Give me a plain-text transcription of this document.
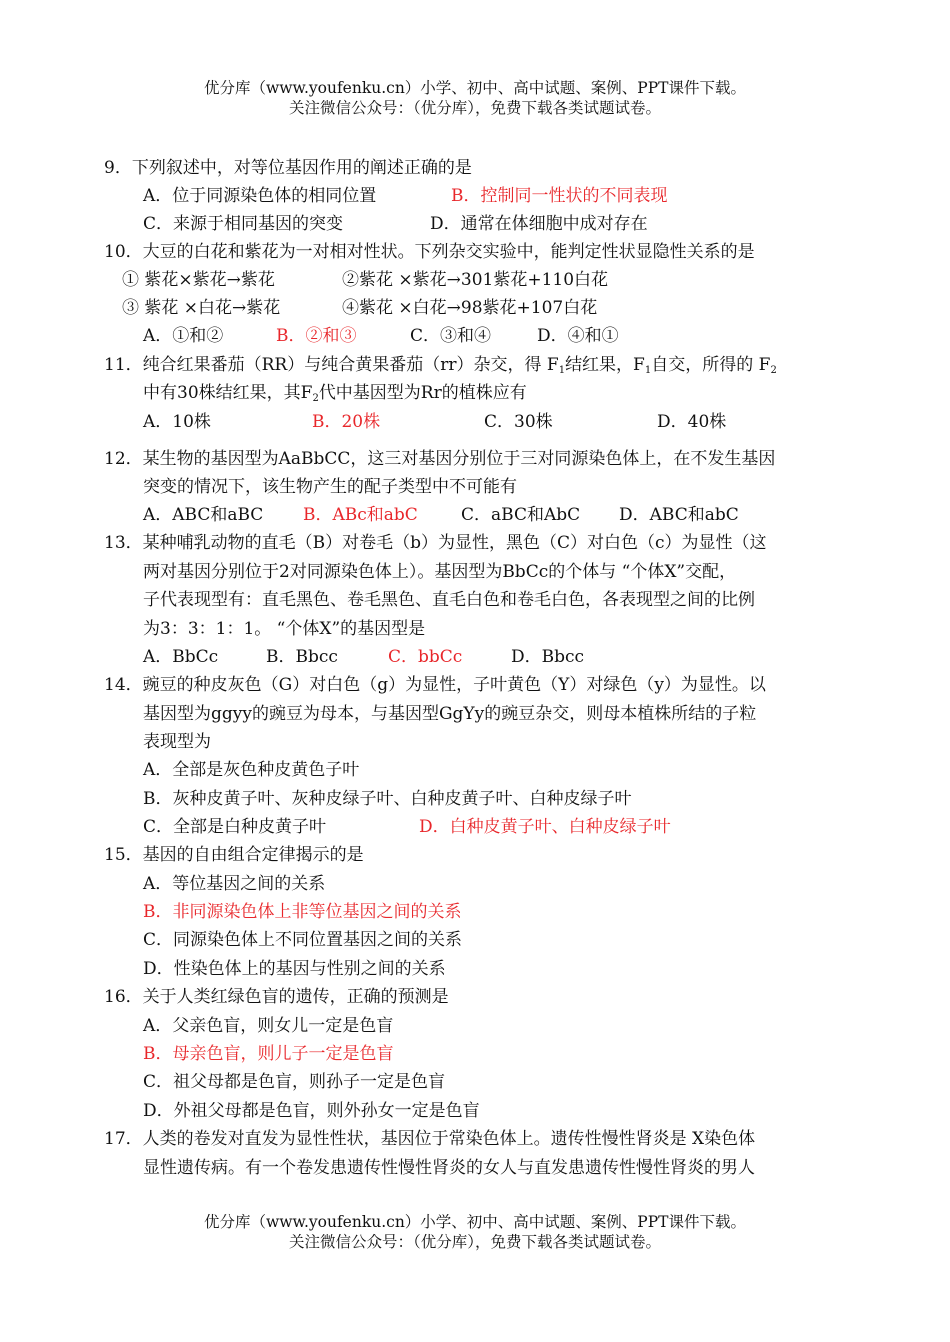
优分库（www.youfenku.cn）小学、初中、高中试题、案例、PPT课件下载。
关注微信公众号：（优分库），免费下载各类试题试卷。
9．下列叙述中，对等位基因作用的阐述正确的是
A．位于同源染色体的相同位置	B．控制同一性状的不同表现
C．来源于相同基因的突变	D．通常在体细胞中成对存在
10．大豆的白花和紫花为一对相对性状。下列杂交实验中，能判定性状显隐性关系的是
① 紫花×紫花→紫花	②紫花 ×紫花→301紫花+110白花
③ 紫花 ×白花→紫花	④紫花 ×白花→98紫花+107白花
A．①和②	B．②和③	C．③和④	D．④和①
11．纯合红果番茄（RR）与纯合黄果番茄（rr）杂交，得 $F_1$结红果，$F_1$自交，所得的 $F_2$
中有30株结红果，其$F_2$代中基因型为Rr的植株应有
A．10株	B．20株	C．30株	D．40株
12．某生物的基因型为AaBbCC，这三对基因分别位于三对同源染色体上，在不发生基因
突变的情况下，该生物产生的配子类型中不可能有
A．ABC和aBC B．ABc和abC	C．aBC和AbC D．ABC和abC
13．某种哺乳动物的直毛（B）对卷毛（b）为显性，黑色（C）对白色（c）为显性（这
两对基因分别位于2对同源染色体上）。基因型为BbCc的个体与 “个体X”交配，
子代表现型有：直毛黑色、卷毛黑色、直毛白色和卷毛白色，各表现型之间的比例
为3：3：1：1。 “个体X”的基因型是
A．BbCc	B．Bbcc	C．bbCc	D．Bbcc
14．豌豆的种皮灰色（G）对白色（g）为显性，子叶黄色（Y）对绿色（y）为显性。以
基因型为ggyy的豌豆为母本，与基因型GgYy的豌豆杂交，则母本植株所结的子粒
表现型为
A．全部是灰色种皮黄色子叶
B．灰种皮黄子叶、灰种皮绿子叶、白种皮黄子叶、白种皮绿子叶
C．全部是白种皮黄子叶	D．白种皮黄子叶、白种皮绿子叶
15．基因的自由组合定律揭示的是
A．等位基因之间的关系
B．非同源染色体上非等位基因之间的关系
C．同源染色体上不同位置基因之间的关系
D．性染色体上的基因与性别之间的关系
16．关于人类红绿色盲的遗传，正确的预测是
A．父亲色盲，则女儿一定是色盲
B．母亲色盲，则儿子一定是色盲
C．祖父母都是色盲，则孙子一定是色盲
D．外祖父母都是色盲，则外孙女一定是色盲
17．人类的卷发对直发为显性性状，基因位于常染色体上。遗传性慢性肾炎是 X染色体
显性遗传病。有一个卷发患遗传性慢性肾炎的女人与直发患遗传性慢性肾炎的男人
优分库（www.youfenku.cn）小学、初中、高中试题、案例、PPT课件下载。
关注微信公众号：（优分库），免费下载各类试题试卷。
